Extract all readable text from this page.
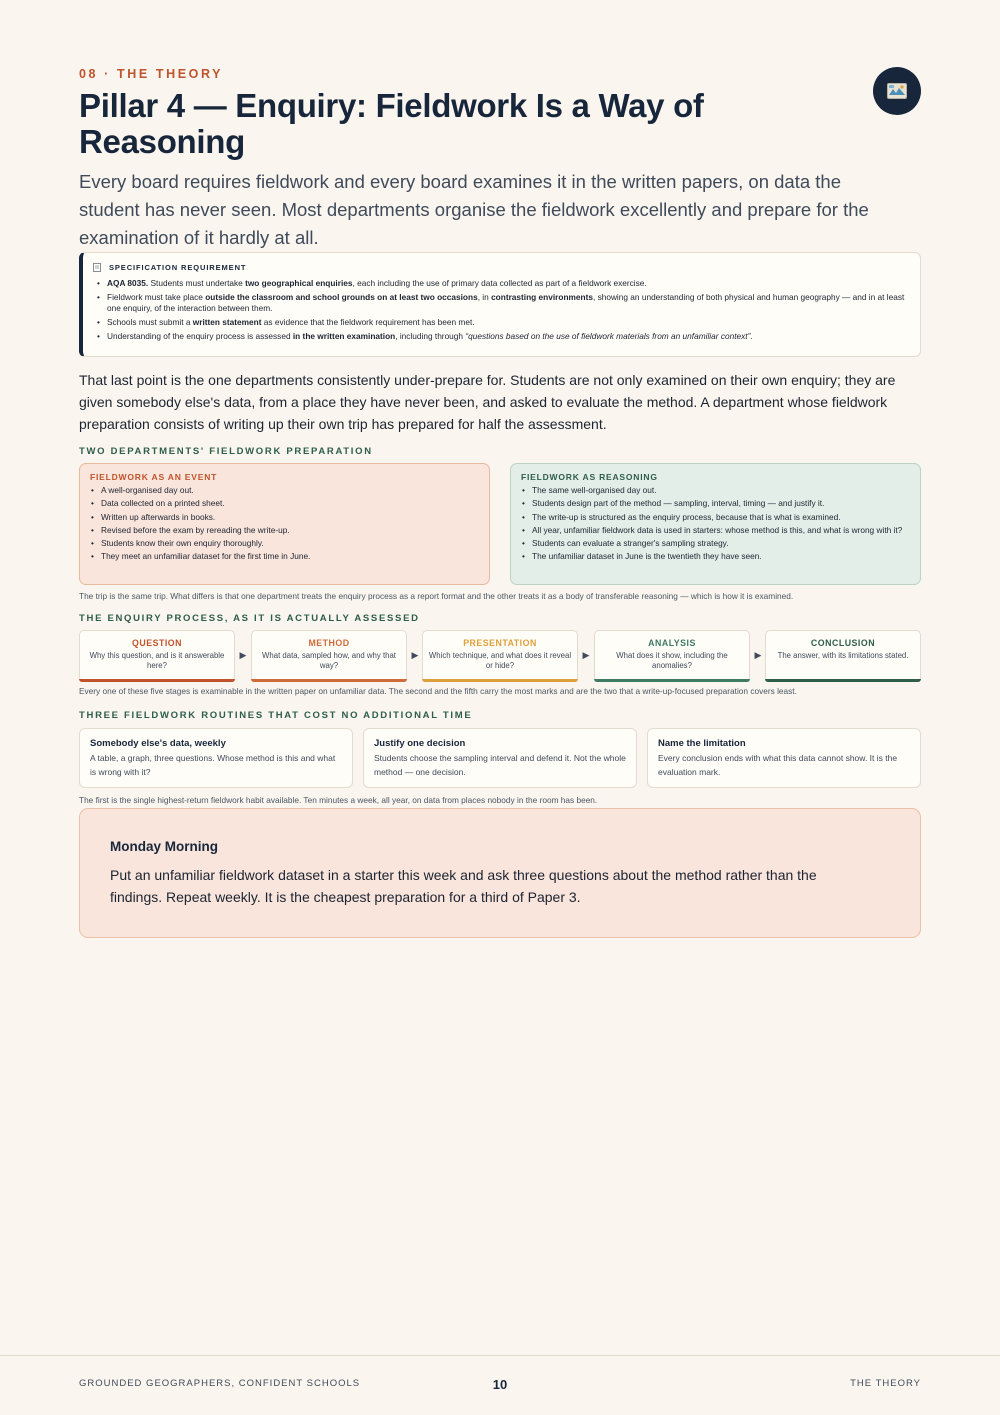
08 · THE THEORY
Pillar 4 — Enquiry: Fieldwork Is a Way of Reasoning

Every board requires fieldwork and every board examines it in the written papers, on data the student has never seen. Most departments organise the fieldwork excellently and prepare for the examination of it hardly at all.

SPECIFICATION REQUIREMENT
• AQA 8035. Students must undertake two geographical enquiries, each including the use of primary data collected as part of a fieldwork exercise.
• Fieldwork must take place outside the classroom and school grounds on at least two occasions, in contrasting environments, showing an understanding of both physical and human geography — and in at least one enquiry, of the interaction between them.
• Schools must submit a written statement as evidence that the fieldwork requirement has been met.
• Understanding of the enquiry process is assessed in the written examination, including through “questions based on the use of fieldwork materials from an unfamiliar context”.

That last point is the one departments consistently under-prepare for. Students are not only examined on their own enquiry; they are given somebody else's data, from a place they have never been, and asked to evaluate the method. A department whose fieldwork preparation consists of writing up their own trip has prepared for half the assessment.

TWO DEPARTMENTS' FIELDWORK PREPARATION
FIELDWORK AS AN EVENT
• A well-organised day out.
• Data collected on a printed sheet.
• Written up afterwards in books.
• Revised before the exam by rereading the write-up.
• Students know their own enquiry thoroughly.
• They meet an unfamiliar dataset for the first time in June.
FIELDWORK AS REASONING
• The same well-organised day out.
• Students design part of the method — sampling, interval, timing — and justify it.
• The write-up is structured as the enquiry process, because that is what is examined.
• All year, unfamiliar fieldwork data is used in starters: whose method is this, and what is wrong with it?
• Students can evaluate a stranger's sampling strategy.
• The unfamiliar dataset in June is the twentieth they have seen.
The trip is the same trip. What differs is that one department treats the enquiry process as a report format and the other treats it as a body of transferable reasoning — which is how it is examined.
THE ENQUIRY PROCESS, AS IT IS ACTUALLY ASSESSED
QUESTION
Why this question, and is it answerable here?
▶
METHOD
What data, sampled how, and why that way?
▶
PRESENTATION
Which technique, and what does it reveal or hide?
▶
ANALYSIS
What does it show, including the anomalies?
▶
CONCLUSION
The answer, with its limitations stated.
Every one of these five stages is examinable in the written paper on unfamiliar data. The second and the fifth carry the most marks and are the two that a write-up-focused preparation covers least.
THREE FIELDWORK ROUTINES THAT COST NO ADDITIONAL TIME
Somebody else's data, weekly
A table, a graph, three questions. Whose method is this and what is wrong with it?
Justify one decision
Students choose the sampling interval and defend it. Not the whole method — one decision.
Name the limitation
Every conclusion ends with what this data cannot show. It is the evaluation mark.
The first is the single highest-return fieldwork habit available. Ten minutes a week, all year, on data from places nobody in the room has been.
Monday Morning
Put an unfamiliar fieldwork dataset in a starter this week and ask three questions about the method rather than the findings. Repeat weekly. It is the cheapest preparation for a third of Paper 3.
GROUNDED GEOGRAPHERS, CONFIDENT SCHOOLS	10	THE THEORY
